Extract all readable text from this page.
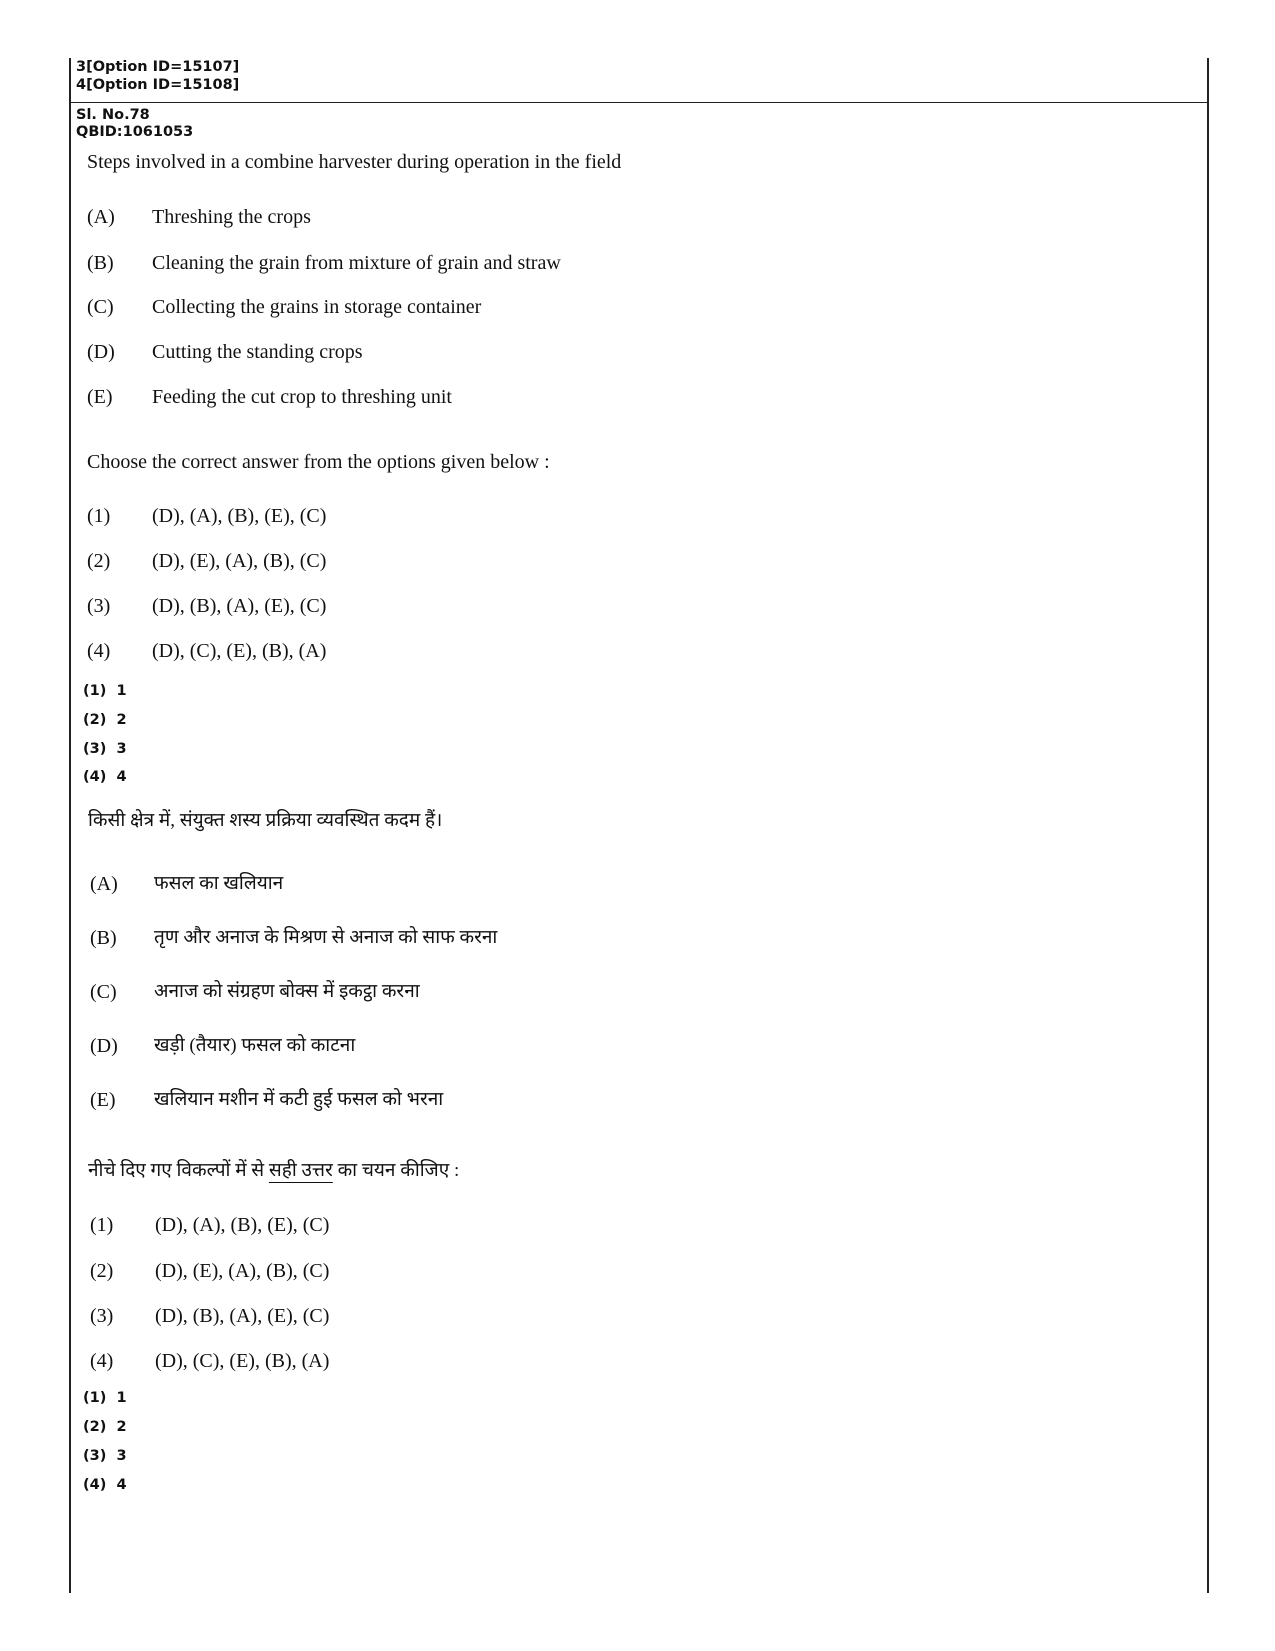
3[Option ID=15107]

4[Option ID=15108]

Sl. No.78

QBID:1061053

Steps involved in a combine harvester during operation in the field

(A) Threshing the crops

(B) Cleaning the grain from mixture of grain and straw

(C) Collecting the grains in storage container

(D) Cutting the standing crops

(E) Feeding the cut crop to threshing unit

Choose the correct answer from the options given below :

(1) (D), (A), (B), (E), (C)

(2) (D), (E), (A), (B), (C)

(3) (D), (B), (A), (E), (C)

(4) (D), (C), (E), (B), (A)

(1)  1

(2)  2

(3)  3

(4)  4

किसी क्षेत्र में, संयुक्त शस्य प्रक्रिया व्यवस्थित कदम हैं।

(A) फसल का खलियान

(B) तृण और अनाज के मिश्रण से अनाज को साफ करना

(C) अनाज को संग्रहण बोक्स में इकट्ठा करना

(D) खड़ी (तैयार) फसल को काटना

(E) खलियान मशीन में कटी हुई फसल को भरना

नीचे दिए गए विकल्पों में से सही उत्तर का चयन कीजिए :

(1) (D), (A), (B), (E), (C)

(2) (D), (E), (A), (B), (C)

(3) (D), (B), (A), (E), (C)

(4) (D), (C), (E), (B), (A)

(1)  1

(2)  2

(3)  3

(4)  4
